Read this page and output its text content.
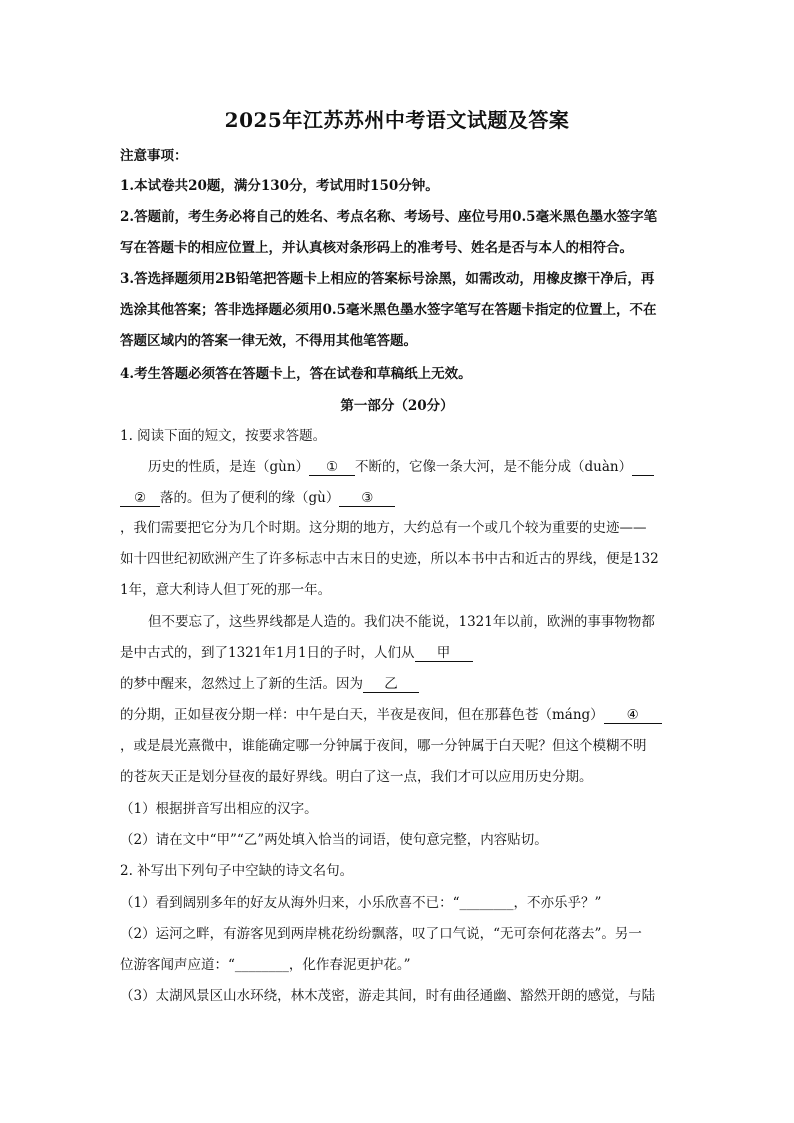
2025年江苏苏州中考语文试题及答案
注意事项：
1.本试卷共20题，满分130分，考试用时150分钟。
2.答题前，考生务必将自己的姓名、考点名称、考场号、座位号用0.5毫米黑色墨水签字笔
写在答题卡的相应位置上，并认真核对条形码上的准考号、姓名是否与本人的相符合。
3.答选择题须用2B铅笔把答题卡上相应的答案标号涂黑，如需改动，用橡皮擦干净后，再
选涂其他答案；答非选择题必须用0.5毫米黑色墨水签字笔写在答题卡指定的位置上，不在
答题区域内的答案一律无效，不得用其他笔答题。
4.考生答题必须答在答题卡上，答在试卷和草稿纸上无效。
第一部分（20分）
1. 阅读下面的短文，按要求答题。
历史的性质，是连（gùn） ① 不断的，它像一条大河，是不能分成（duàn）
② 落的。但为了便利的缘（gù） ③
，我们需要把它分为几个时期。这分期的地方，大约总有一个或几个较为重要的史迹——
如十四世纪初欧洲产生了许多标志中古末日的史迹，所以本书中古和近古的界线，便是132
1年，意大利诗人但丁死的那一年。
但不要忘了，这些界线都是人造的。我们决不能说，1321年以前，欧洲的事事物物都
是中古式的，到了1321年1月1日的子时，人们从 甲
的梦中醒来，忽然过上了新的生活。因为 乙
的分期，正如昼夜分期一样：中午是白天，半夜是夜间，但在那暮色苍（máng） ④
，或是晨光熹微中，谁能确定哪一分钟属于夜间，哪一分钟属于白天呢？但这个模糊不明
的苍灰天正是划分昼夜的最好界线。明白了这一点，我们才可以应用历史分期。
（1）根据拼音写出相应的汉字。
（2）请在文中“甲”“乙”两处填入恰当的词语，使句意完整，内容贴切。
2. 补写出下列句子中空缺的诗文名句。
（1）看到阔别多年的好友从海外归来，小乐欣喜不已：“________，不亦乐乎？”
（2）运河之畔，有游客见到两岸桃花纷纷飘落，叹了口气说，“无可奈何花落去”。另一
位游客闻声应道：“________，化作春泥更护花。”
（3）太湖风景区山水环绕，林木茂密，游走其间，时有曲径通幽、豁然开朗的感觉，与陆
